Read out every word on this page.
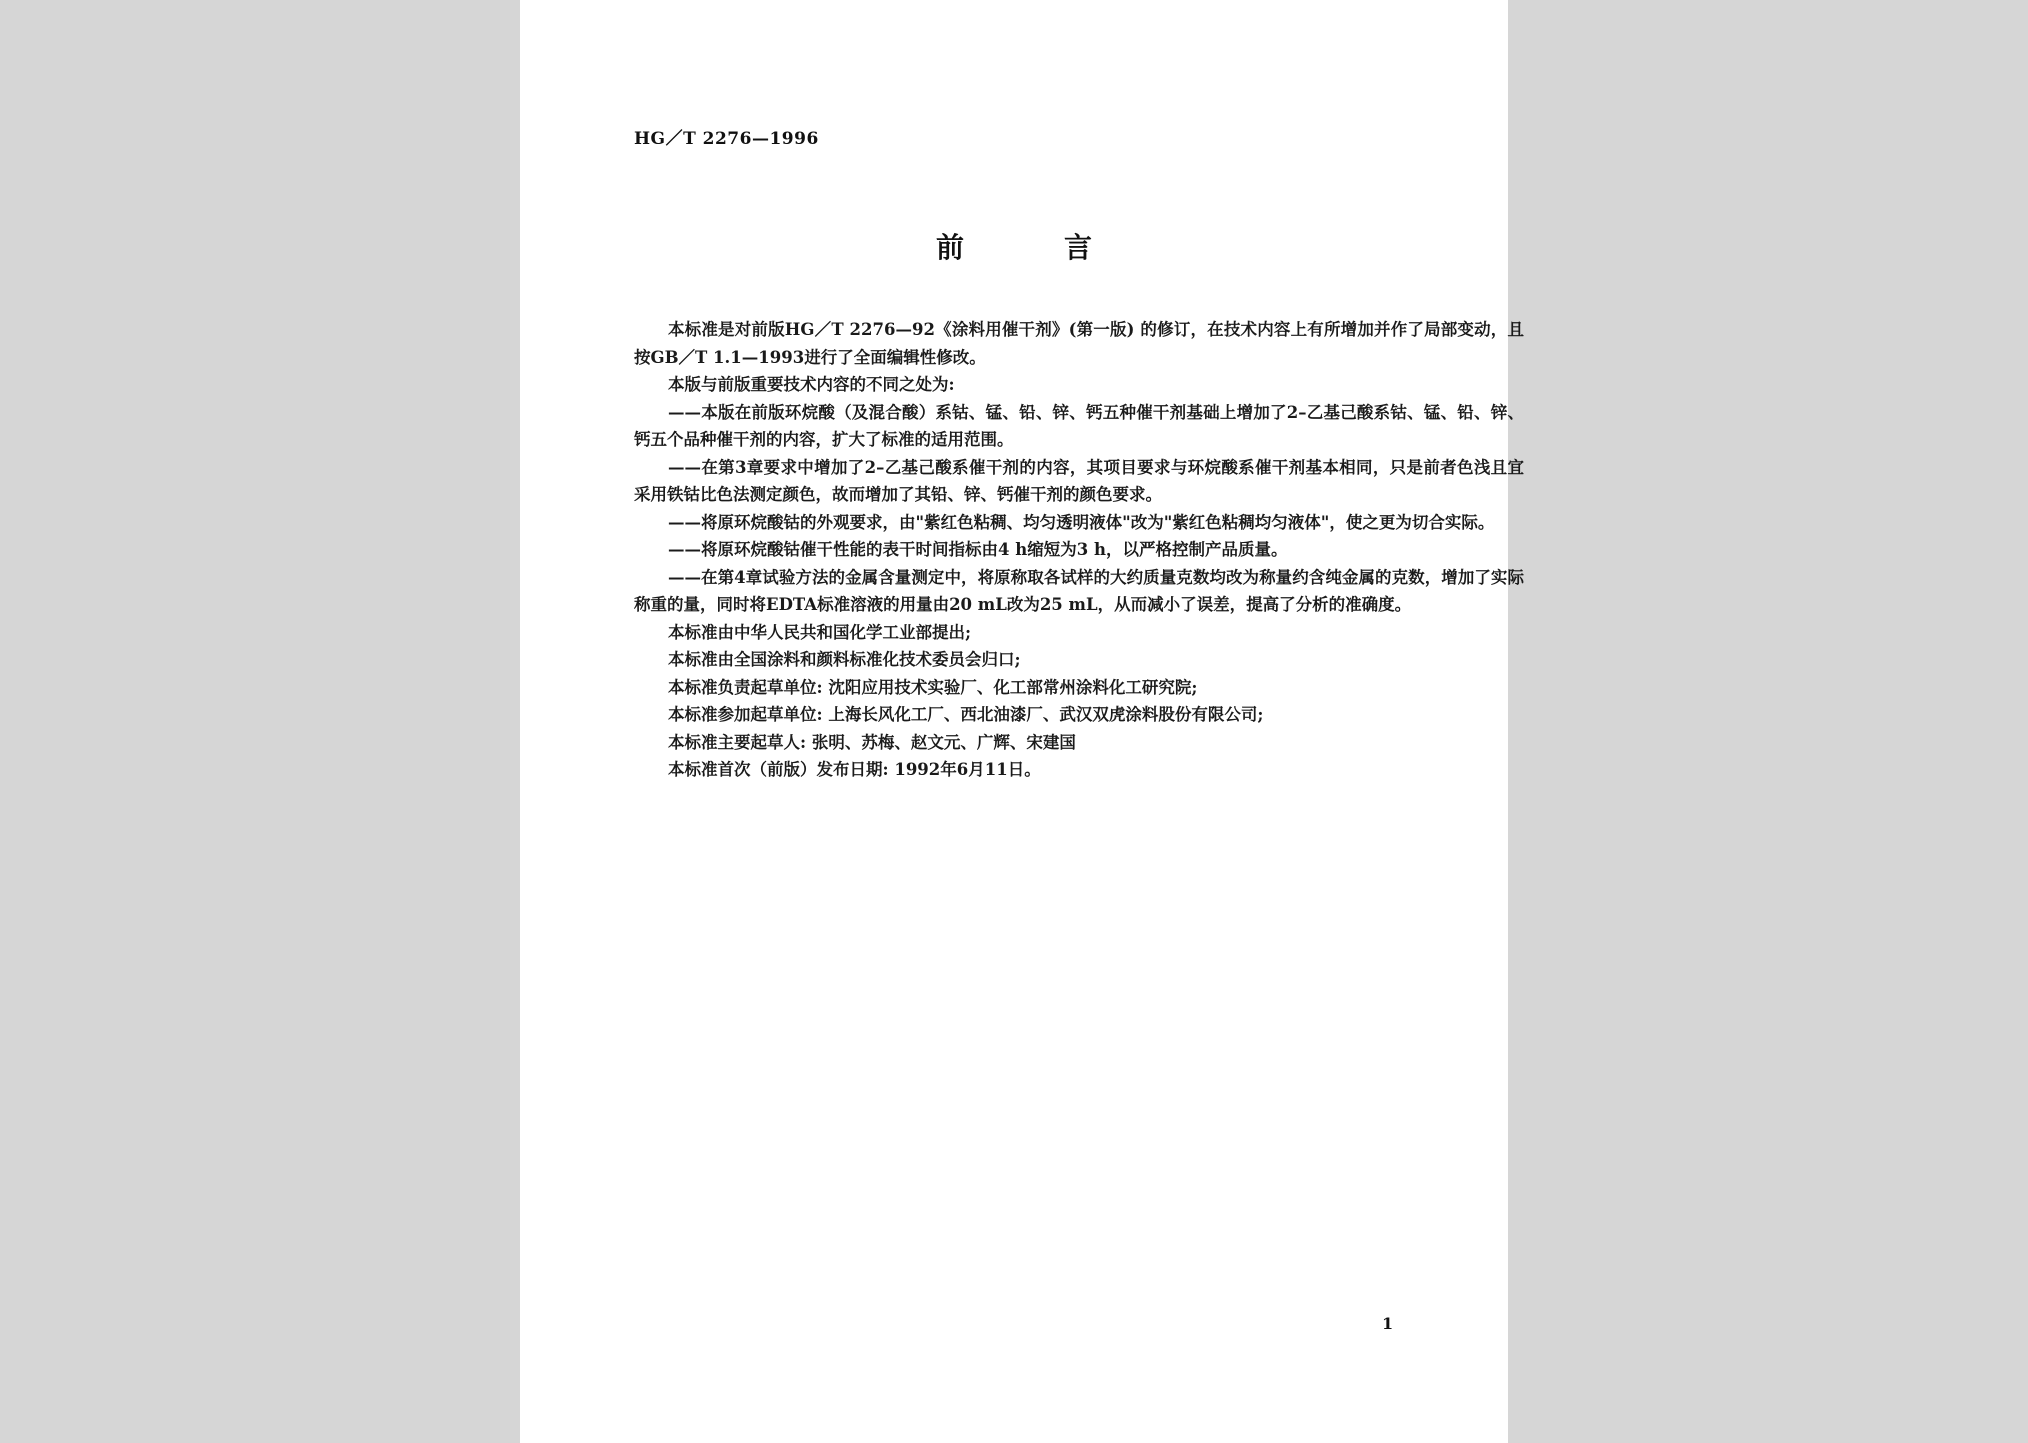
HG／T 2276—1996
前　言

本标准是对前版HG／T 2276—92《涂料用催干剂》(第一版) 的修订，在技术内容上有所增加并作了局部变动，且按GB／T 1.1—1993进行了全面编辑性修改。

本版与前版重要技术内容的不同之处为:

——本版在前版环烷酸（及混合酸）系钴、锰、铅、锌、钙五种催干剂基础上增加了2–乙基己酸系钴、锰、铅、锌、钙五个品种催干剂的内容，扩大了标准的适用范围。

——在第3章要求中增加了2–乙基己酸系催干剂的内容，其项目要求与环烷酸系催干剂基本相同，只是前者色浅且宜采用铁钴比色法测定颜色，故而增加了其铅、锌、钙催干剂的颜色要求。

——将原环烷酸钴的外观要求，由"紫红色粘稠、均匀透明液体"改为"紫红色粘稠均匀液体"，使之更为切合实际。

——将原环烷酸钴催干性能的表干时间指标由4 h缩短为3 h，以严格控制产品质量。

——在第4章试验方法的金属含量测定中，将原称取各试样的大约质量克数均改为称量约含纯金属的克数，增加了实际称重的量，同时将EDTA标准溶液的用量由20 mL改为25 mL，从而减小了误差，提高了分析的准确度。

本标准由中华人民共和国化学工业部提出;

本标准由全国涂料和颜料标准化技术委员会归口;

本标准负责起草单位: 沈阳应用技术实验厂、化工部常州涂料化工研究院;

本标准参加起草单位: 上海长风化工厂、西北油漆厂、武汉双虎涂料股份有限公司;

本标准主要起草人: 张明、苏梅、赵文元、广辉、宋建国

本标准首次（前版）发布日期: 1992年6月11日。

1
